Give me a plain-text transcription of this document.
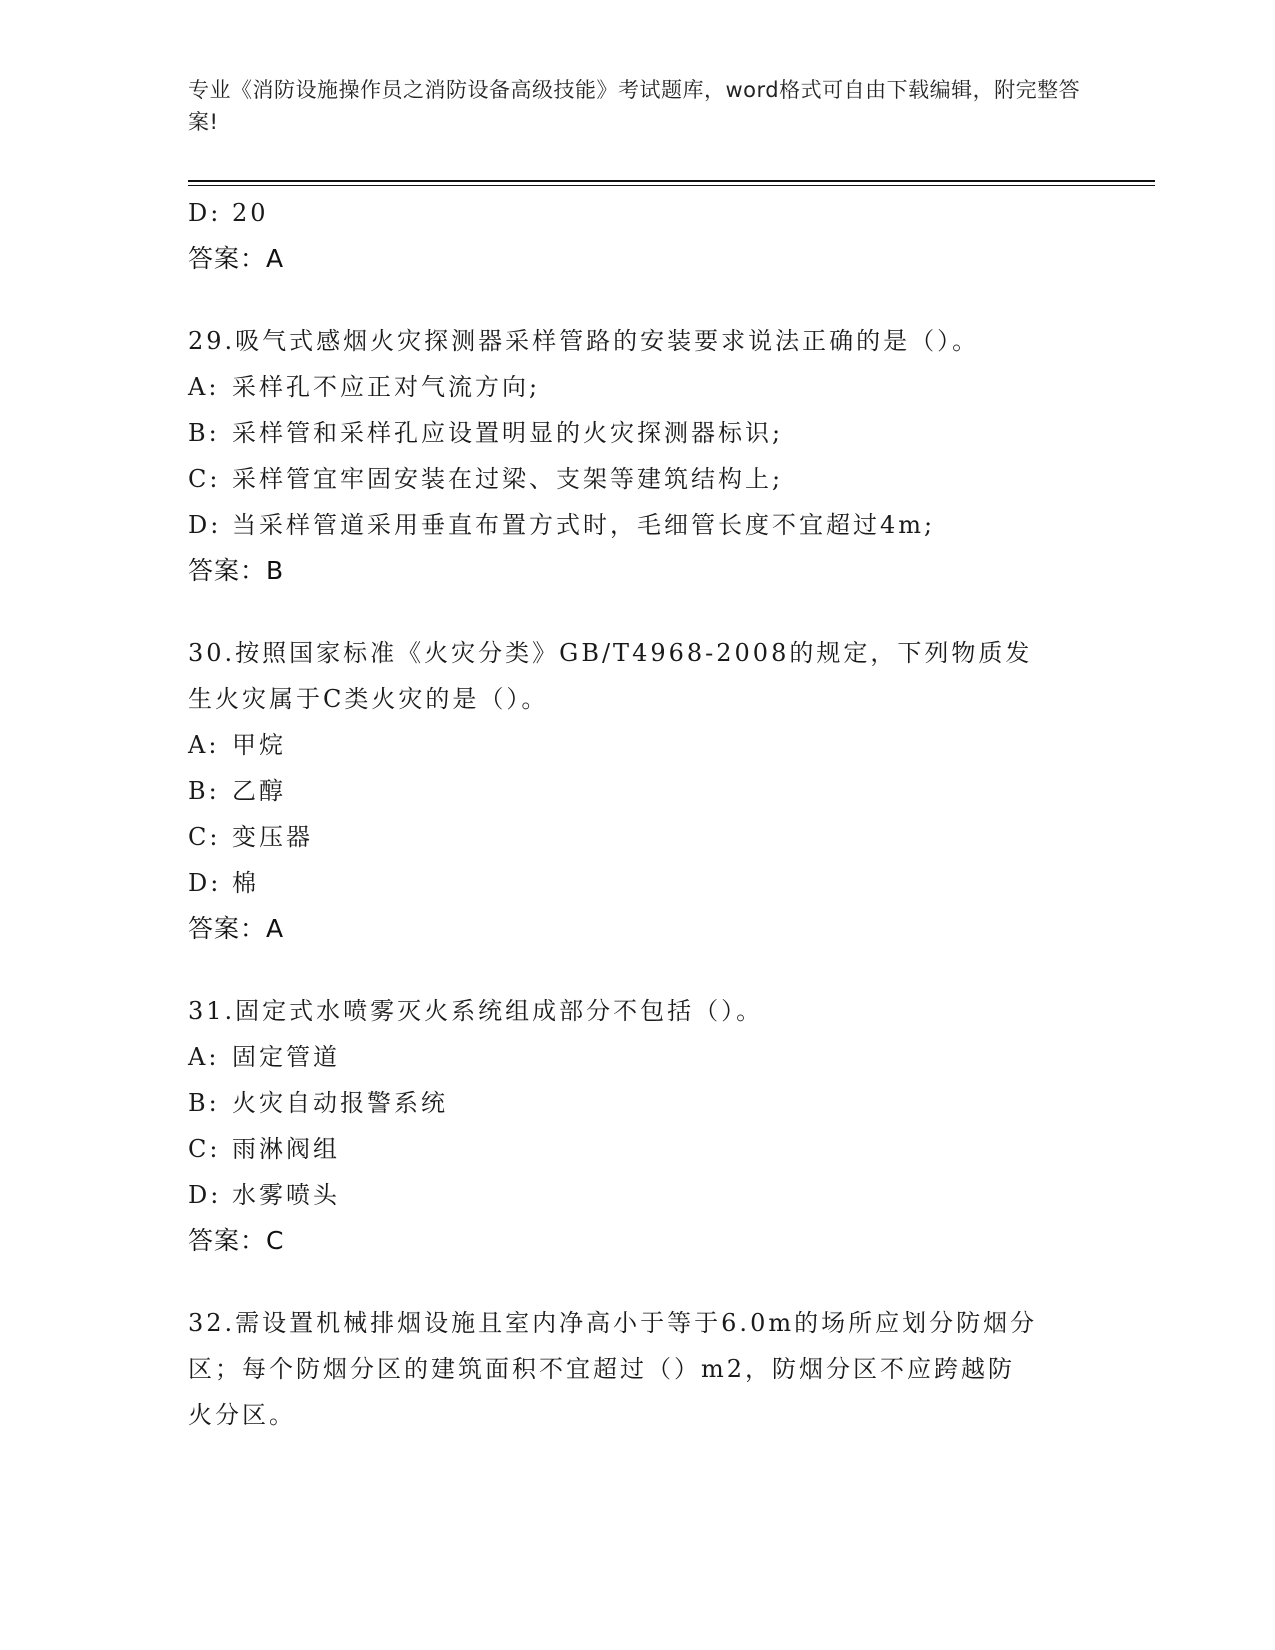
专业《消防设施操作员之消防设备高级技能》考试题库，word格式可自由下载编辑，附完整答案!
D: 20
答案：A
29.吸气式感烟火灾探测器采样管路的安装要求说法正确的是（）。
A: 采样孔不应正对气流方向;
B: 采样管和采样孔应设置明显的火灾探测器标识;
C: 采样管宜牢固安装在过梁、支架等建筑结构上;
D: 当采样管道采用垂直布置方式时，毛细管长度不宜超过4m;
答案：B
30.按照国家标准《火灾分类》GB/T4968-2008的规定，下列物质发生火灾属于C类火灾的是（）。
A: 甲烷
B: 乙醇
C: 变压器
D: 棉
答案：A
31.固定式水喷雾灭火系统组成部分不包括（）。
A: 固定管道
B: 火灾自动报警系统
C: 雨淋阀组
D: 水雾喷头
答案：C
32.需设置机械排烟设施且室内净高小于等于6.0m的场所应划分防烟分区；每个防烟分区的建筑面积不宜超过（）m2，防烟分区不应跨越防火分区。
